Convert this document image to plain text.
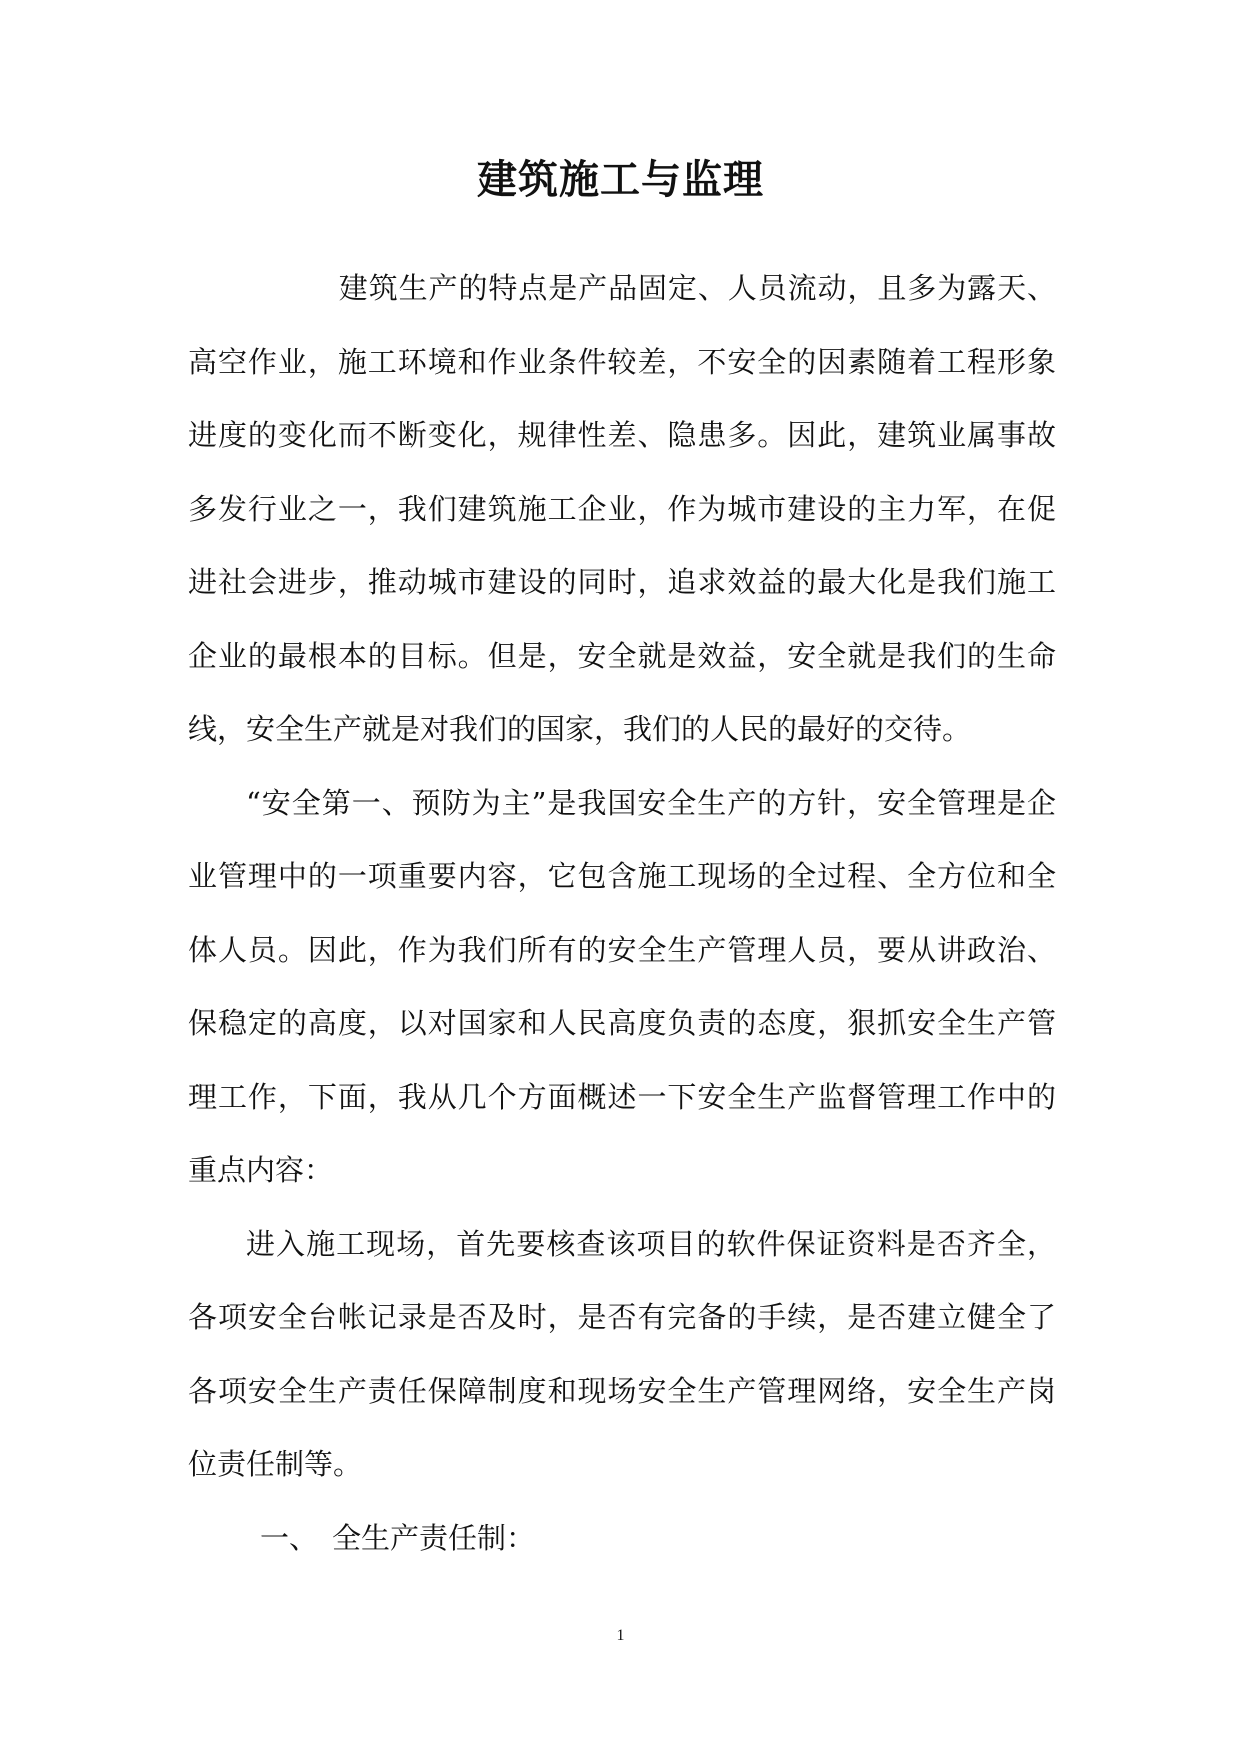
建筑施工与监理

建筑生产的特点是产品固定、人员流动，且多为露天、高空作业，施工环境和作业条件较差，不安全的因素随着工程形象进度的变化而不断变化，规律性差、隐患多。因此，建筑业属事故多发行业之一，我们建筑施工企业，作为城市建设的主力军，在促进社会进步，推动城市建设的同时，追求效益的最大化是我们施工企业的最根本的目标。但是，安全就是效益，安全就是我们的生命线，安全生产就是对我们的国家，我们的人民的最好的交待。

“安全第一、预防为主”是我国安全生产的方针，安全管理是企业管理中的一项重要内容，它包含施工现场的全过程、全方位和全体人员。因此，作为我们所有的安全生产管理人员，要从讲政治、保稳定的高度，以对国家和人民高度负责的态度，狠抓安全生产管理工作，下面，我从几个方面概述一下安全生产监督管理工作中的重点内容：

进入施工现场，首先要核查该项目的软件保证资料是否齐全，各项安全台帐记录是否及时，是否有完备的手续，是否建立健全了各项安全生产责任保障制度和现场安全生产管理网络，安全生产岗位责任制等。

一、 全生产责任制：

1
